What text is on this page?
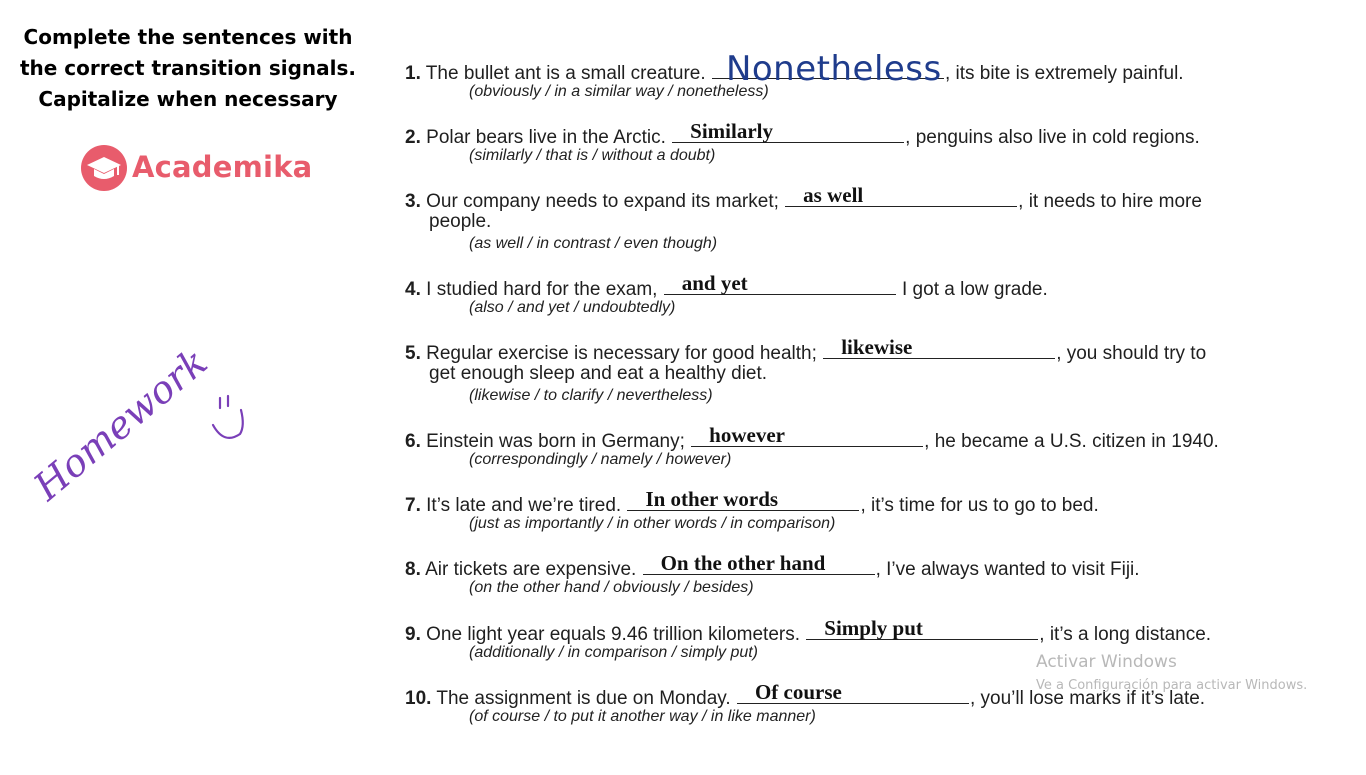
Complete the sentences with
the correct transition signals.
Capitalize when necessary
Academika
Homework
1. The bullet ant is a small creature. Nonetheless , its bite is extremely painful.
(obviously / in a similar way / nonetheless)
2. Polar bears live in the Arctic. Similarly	, penguins also live in cold regions.
(similarly / that is / without a doubt)
3. Our company needs to expand its market; as well	, it needs to hire more
people.
(as well / in contrast / even though)
4. I studied hard for the exam, and yet	I got a low grade.
(also / and yet / undoubtedly)
5. Regular exercise is necessary for good health; likewise	, you should try to
get enough sleep and eat a healthy diet.
(likewise / to clarify / nevertheless)
6. Einstein was born in Germany; however	, he became a U.S. citizen in 1940.
(correspondingly / namely / however)
7. It’s late and we’re tired. In other words	, it’s time for us to go to bed.
(just as importantly / in other words / in comparison)
8. Air tickets are expensive. On the other hand	, I’ve always wanted to visit Fiji.
(on the other hand / obviously / besides)
9. One light year equals 9.46 trillion kilometers. Simply put	, it’s a long distance.
(additionally / in comparison / simply put)
10. The assignment is due on Monday. Of course	, you’ll lose marks if it’s late.
(of course / to put it another way / in like manner)
Activar Windows
Ve a Configuración para activar Windows.
